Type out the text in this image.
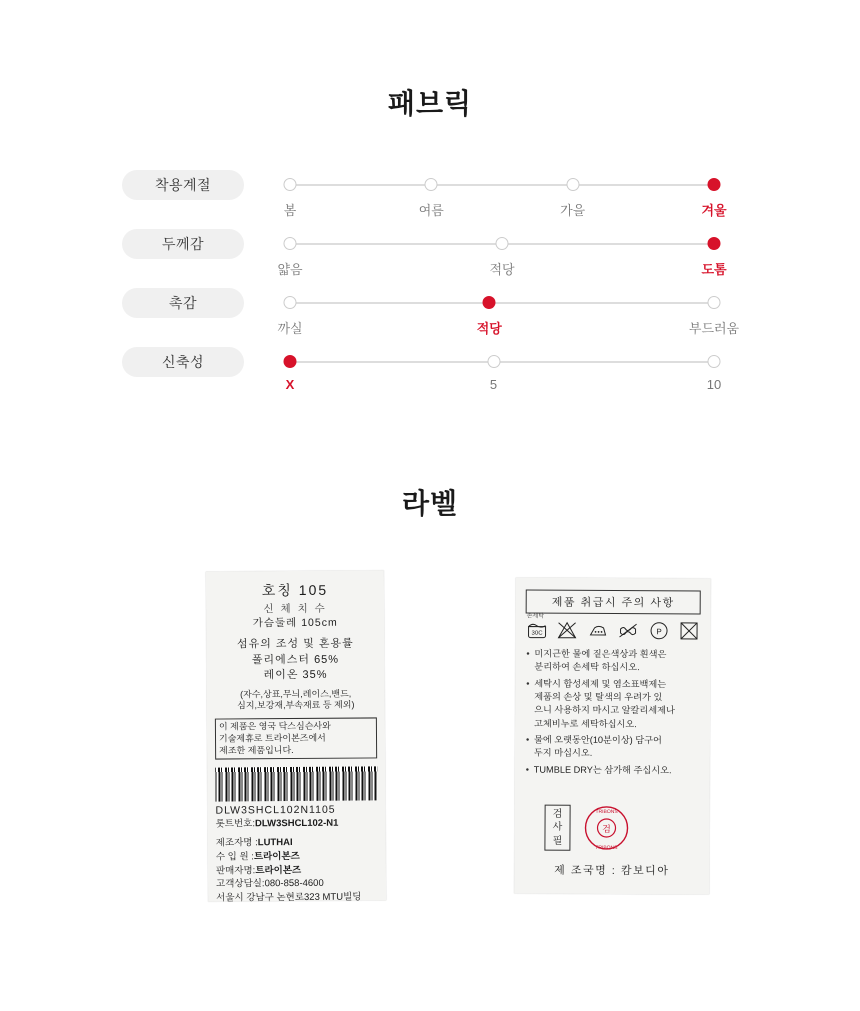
패브릭
착용계절
봄	여름	가을	겨울
두께감
얇음	적당	도톰
촉감
까실	적당	부드러움
신축성
X	5	10
라벨
호칭 105
신 체 치 수
가슴둘레 105cm
섬유의 조성 및 혼용률
폴리에스터 65%
레이온 35%
(자수,상표,무늬,레이스,밴드,
심지,보강재,부속재료 등 제외)
이 제품은 영국 닥스심슨사와
기술제휴로 트라이본즈에서
제조한 제품입니다.
DLW3SHCL102N1105
롯트번호:DLW3SHCL102-N1
제조자명 :LUTHAI
수 입 원 :트라이본즈
판매자명:트라이본즈
고객상담실:080-858-4600
서울시 강남구 논현로323 MTU빌딩
제품 취급시 주의 사항
손세탁
30C	P
• 미지근한 물에 짙은색상과 흰색은
분리하여 손세탁 하십시오.
• 세탁시 합성세제 및 염소표백제는
제품의 손상 및 탈색의 우려가 있
으니 사용하지 마시고 알칼리세제나
고체비누로 세탁하십시오.
• 물에 오랫동안(10분이상) 담구어
두지 마십시오.
• TUMBLE DRY는 삼가해 주십시오.
검
사
필
검
TRIBONS
TRIBONS
제 조국명 : 캄보디아
